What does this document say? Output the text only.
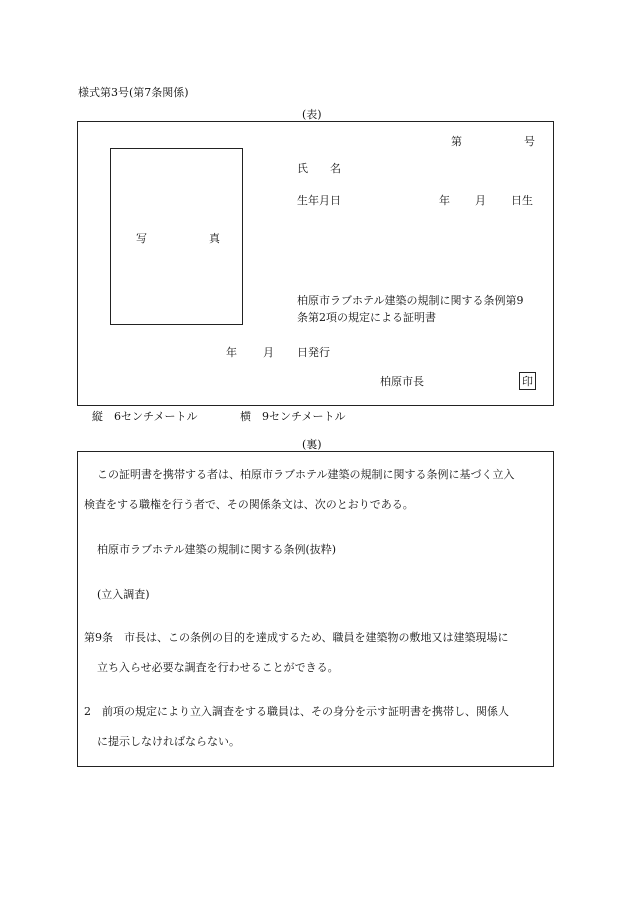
様式第3号(第7条関係)
(表)
第	号
写	真
氏　　名
生年月日	年 月 日生
柏原市ラブホテル建築の規制に関する条例第9
条第2項の規定による証明書
年 月 日発行
柏原市長	印
縦　6センチメートル	横　9センチメートル
(裏)
この証明書を携帯する者は、柏原市ラブホテル建築の規制に関する条例に基づく立入
検査をする職権を行う者で、その関係条文は、次のとおりである。
柏原市ラブホテル建築の規制に関する条例(抜粋)
(立入調査)
第9条　市長は、この条例の目的を達成するため、職員を建築物の敷地又は建築現場に
立ち入らせ必要な調査を行わせることができる。
2　前項の規定により立入調査をする職員は、その身分を示す証明書を携帯し、関係人
に提示しなければならない。
